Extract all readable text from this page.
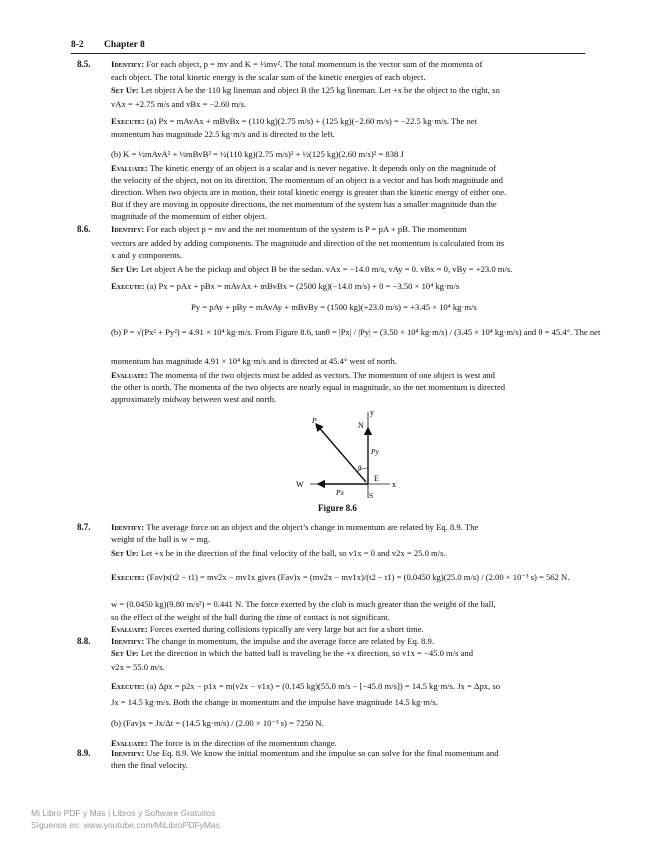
8-2 Chapter 8
8.5.
8.6.
8.7.
8.8.
8.9.
Identify: For each object, p = mv and K = ½mv². The total momentum is the vector sum of the momenta of
each object. The total kinetic energy is the scalar sum of the kinetic energies of each object.
Set Up: Let object A be the 110 kg lineman and object B the 125 kg lineman. Let +x be the object to the right, so
vAx = +2.75 m/s and vBx = −2.60 m/s.
Execute: (a) Px = mAvAx + mBvBx = (110 kg)(2.75 m/s) + (125 kg)(−2.60 m/s) = −22.5 kg·m/s. The net
momentum has magnitude 22.5 kg·m/s and is directed to the left.
(b) K = ½mAvA² + ½mBvB² = ½(110 kg)(2.75 m/s)² + ½(125 kg)(2.60 m/s)² = 838 J
Evaluate: The kinetic energy of an object is a scalar and is never negative. It depends only on the magnitude of
the velocity of the object, not on its direction. The momentum of an object is a vector and has both magnitude and
direction. When two objects are in motion, their total kinetic energy is greater than the kinetic energy of either one.
But if they are moving in opposite directions, the net momentum of the system has a smaller magnitude than the
magnitude of the momentum of either object.
Identify: For each object p = mv and the net momentum of the system is P = pA + pB. The momentum
vectors are added by adding components. The magnitude and direction of the net momentum is calculated from its
x and y components.
Set Up: Let object A be the pickup and object B be the sedan. vAx = −14.0 m/s, vAy = 0. vBx = 0, vBy = +23.0 m/s.
Execute: (a) Px = pAx + pBx = mAvAx + mBvBx = (2500 kg)(−14.0 m/s) + 0 = −3.50 × 10⁴ kg·m/s
Py = pAy + pBy = mAvAy + mBvBy = (1500 kg)(+23.0 m/s) = +3.45 × 10⁴ kg·m/s
(b) P = √(Px² + Py²) = 4.91 × 10⁴ kg·m/s. From Figure 8.6, tanθ = |Px| / |Py| = (3.50 × 10⁴ kg·m/s) / (3.45 × 10⁴ kg·m/s) and θ = 45.4°. The net
momentum has magnitude 4.91 × 10⁴ kg·m/s and is directed at 45.4° west of north.
Evaluate: The momenta of the two objects must be added as vectors. The momentum of one object is west and
the other is north. The momenta of the two objects are nearly equal in magnitude, so the net momentum is directed
approximately midway between west and north.
y
x
N
S
E
W
P
Py
Px
θ
Figure 8.6
Identify: The average force on an object and the object’s change in momentum are related by Eq. 8.9. The
weight of the ball is w = mg.
Set Up: Let +x be in the direction of the final velocity of the ball, so v1x = 0 and v2x = 25.0 m/s.
Execute: (Fav)x(t2 − t1) = mv2x − mv1x gives (Fav)x = (mv2x − mv1x)/(t2 − t1) = (0.0450 kg)(25.0 m/s) / (2.00 × 10⁻³ s) = 562 N.
w = (0.0450 kg)(9.80 m/s²) = 0.441 N. The force exerted by the club is much greater than the weight of the ball,
so the effect of the weight of the ball during the time of contact is not significant.
Evaluate: Forces exerted during collisions typically are very large but act for a short time.
Identify: The change in momentum, the impulse and the average force are related by Eq. 8.9.
Set Up: Let the direction in which the batted ball is traveling be the +x direction, so v1x = −45.0 m/s and
v2x = 55.0 m/s.
Execute: (a) Δpx = p2x − p1x = m(v2x − v1x) = (0.145 kg)(55.0 m/s − [−45.0 m/s]) = 14.5 kg·m/s. Jx = Δpx, so
Jx = 14.5 kg·m/s. Both the change in momentum and the impulse have magnitude 14.5 kg·m/s.
(b) (Fav)x = Jx/Δt = (14.5 kg·m/s) / (2.00 × 10⁻³ s) = 7250 N.
Evaluate: The force is in the direction of the momentum change.
Identify: Use Eq. 8.9. We know the initial momentum and the impulse so can solve for the final momentum and
then the final velocity.
Mi Libro PDF y Más | Libros y Software Gratuitos
Síguenos en: www.youtube.com/MiLibroPDFyMas
